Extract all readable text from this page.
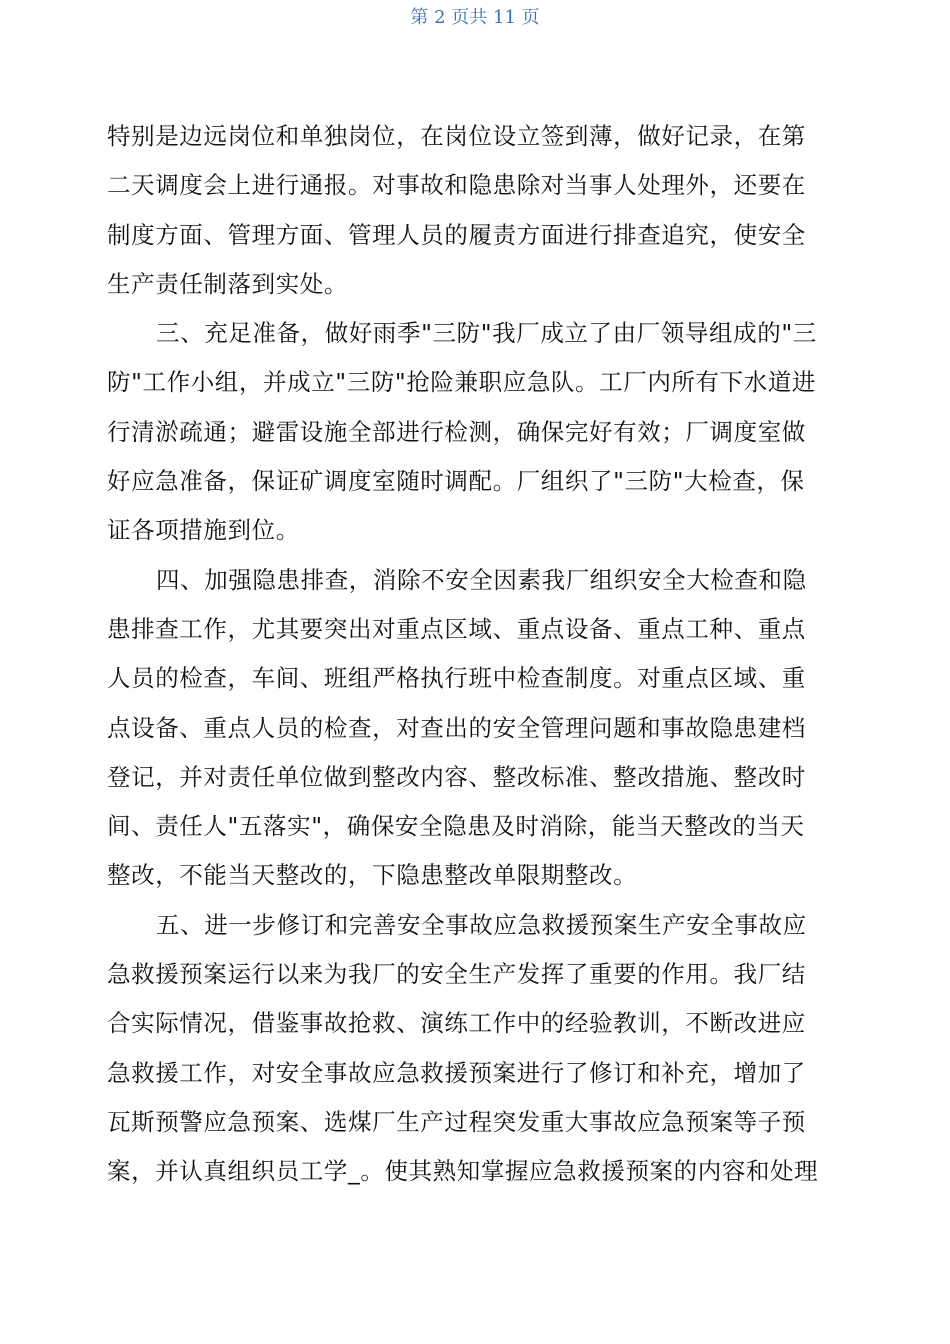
第 2 页共 11 页
特别是边远岗位和单独岗位，在岗位设立签到薄，做好记录，在第
二天调度会上进行通报。对事故和隐患除对当事人处理外，还要在
制度方面、管理方面、管理人员的履责方面进行排查追究，使安全
生产责任制落到实处。
三、充足准备，做好雨季"三防"我厂成立了由厂领导组成的"三
防"工作小组，并成立"三防"抢险兼职应急队。工厂内所有下水道进
行清淤疏通；避雷设施全部进行检测，确保完好有效；厂调度室做
好应急准备，保证矿调度室随时调配。厂组织了"三防"大检查，保
证各项措施到位。
四、加强隐患排查，消除不安全因素我厂组织安全大检查和隐
患排查工作，尤其要突出对重点区域、重点设备、重点工种、重点
人员的检查，车间、班组严格执行班中检查制度。对重点区域、重
点设备、重点人员的检查，对查出的安全管理问题和事故隐患建档
登记，并对责任单位做到整改内容、整改标准、整改措施、整改时
间、责任人"五落实"，确保安全隐患及时消除，能当天整改的当天
整改，不能当天整改的，下隐患整改单限期整改。
五、进一步修订和完善安全事故应急救援预案生产安全事故应
急救援预案运行以来为我厂的安全生产发挥了重要的作用。我厂结
合实际情况，借鉴事故抢救、演练工作中的经验教训，不断改进应
急救援工作，对安全事故应急救援预案进行了修订和补充，增加了
瓦斯预警应急预案、选煤厂生产过程突发重大事故应急预案等子预
案，并认真组织员工学_。使其熟知掌握应急救援预案的内容和处理
